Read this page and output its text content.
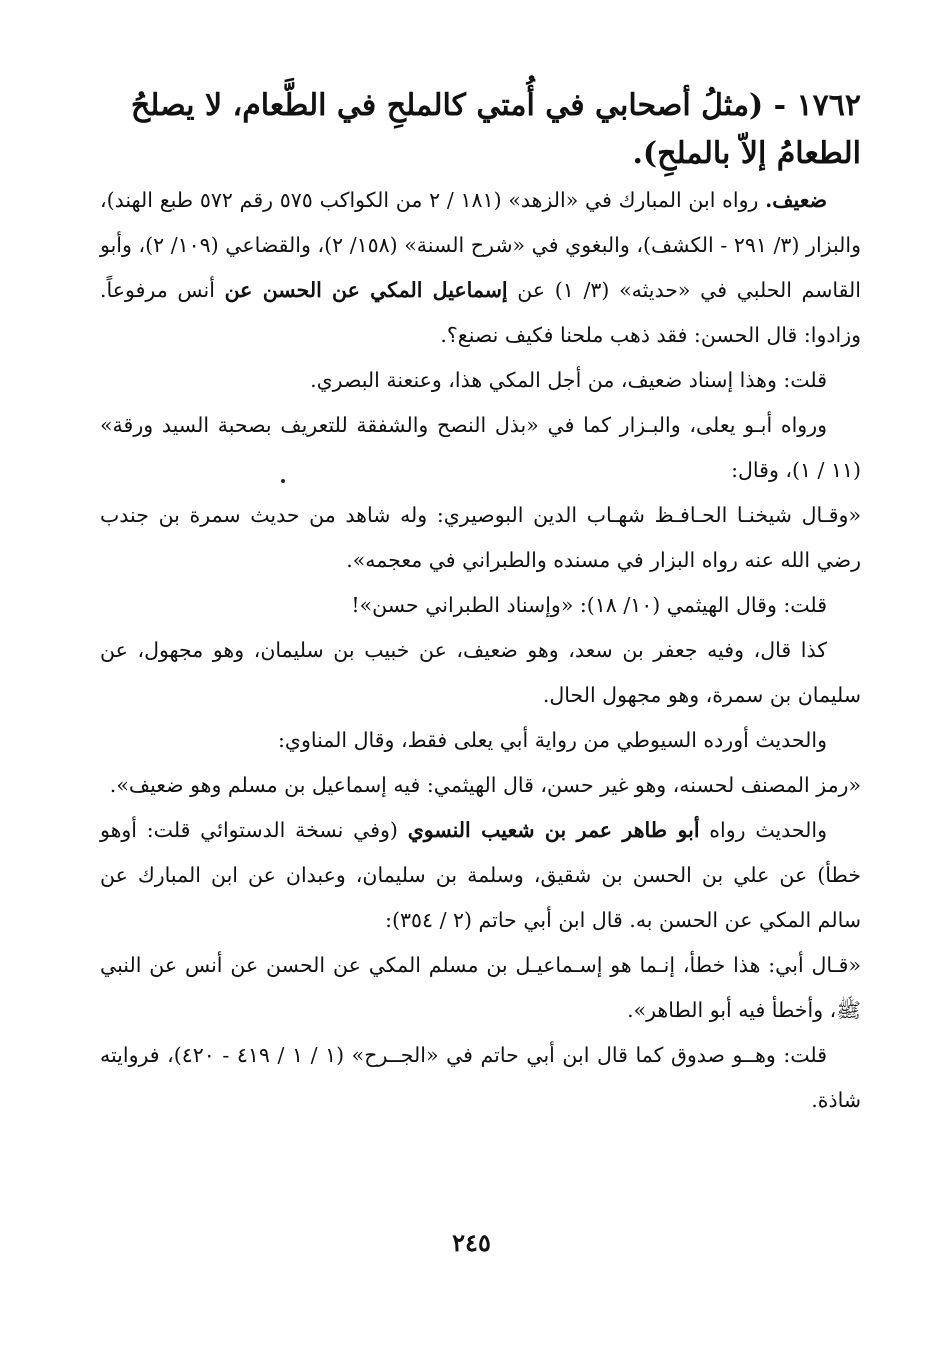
١٧٦٢ - (مثلُ أصحابي في أُمتي كالملحِ في الطَّعام، لا يصلحُ الطعامُ إلاّ بالملحِ).

ضعيف. رواه ابن المبارك في «الزهد» (١٨١ / ٢ من الكواكب ٥٧٥ رقم ٥٧٢ طبع الهند)، والبزار (٣/ ٢٩١ - الكشف)، والبغوي في «شرح السنة» (١٥٨/ ٢)، والقضاعي (١٠٩/ ٢)، وأبو القاسم الحلبي في «حديثه» (٣/ ١) عن إسماعيل المكي عن الحسن عن أنس مرفوعاً. وزادوا: قال الحسن: فقد ذهب ملحنا فكيف نصنع؟.

قلت: وهذا إسناد ضعيف، من أجل المكي هذا، وعنعنة البصري.

ورواه أبـو يعلى، والبـزار كما في «بذل النصح والشفقة للتعريف بصحبة السيد ورقة» (١١ / ١)، وقال:

«وقـال شيخنـا الحـافـظ شهـاب الدين البوصيري: وله شاهد من حديث سمرة بن جندب رضي الله عنه رواه البزار في مسنده والطبراني في معجمه».

قلت: وقال الهيثمي (١٠/ ١٨): «وإسناد الطبراني حسن»!

كذا قال، وفيه جعفر بن سعد، وهو ضعيف، عن خبيب بن سليمان، وهو مجهول، عن سليمان بن سمرة، وهو مجهول الحال.

والحديث أورده السيوطي من رواية أبي يعلى فقط، وقال المناوي:

«رمز المصنف لحسنه، وهو غير حسن، قال الهيثمي: فيه إسماعيل بن مسلم وهو ضعيف».

والحديث رواه أبو طاهر عمر بن شعيب النسوي (وفي نسخة الدستوائي قلت: أوهو خطأ) عن علي بن الحسن بن شقيق، وسلمة بن سليمان، وعبدان عن ابن المبارك عن سالم المكي عن الحسن به. قال ابن أبي حاتم (٢ / ٣٥٤):

«قـال أبي: هذا خطأ، إنـما هو إسـماعيـل بن مسلم المكي عن الحسن عن أنس عن النبي ﷺ، وأخطأ فيه أبو الطاهر».

قلت: وهــو صدوق كما قال ابن أبي حاتم في «الجــرح» (١ / ١ / ٤١٩ - ٤٢٠)، فروايته شاذة.

٢٤٥
